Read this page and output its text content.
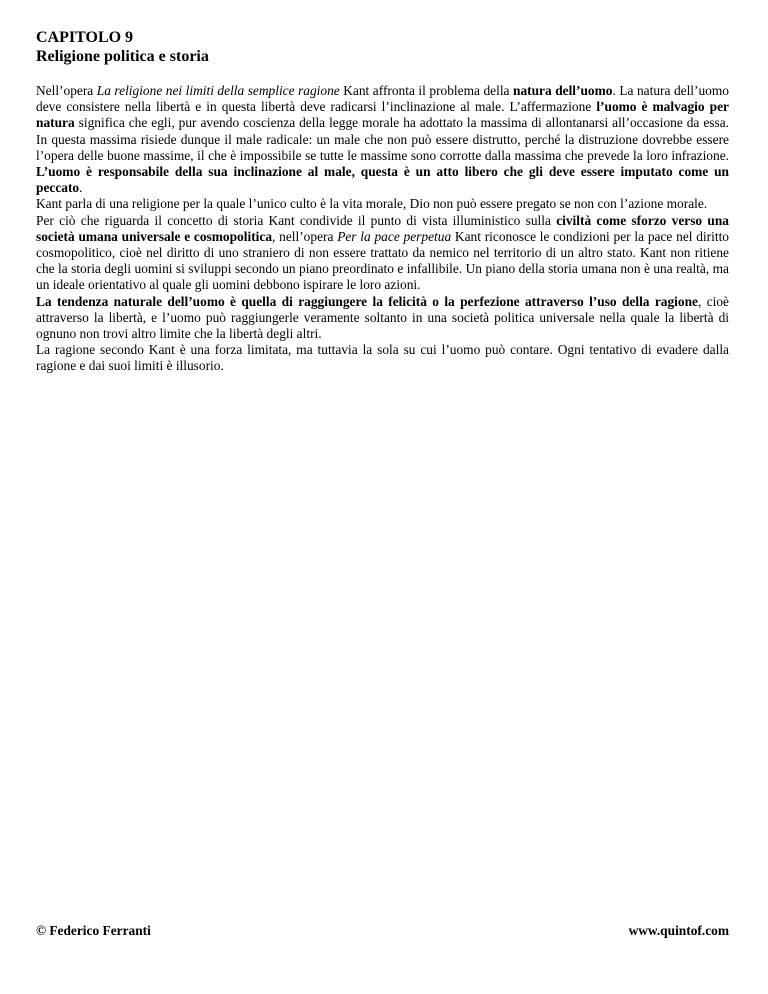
CAPITOLO 9
Religione politica e storia

Nell’opera La religione nei limiti della semplice ragione Kant affronta il problema della natura dell’uomo. La natura dell’uomo deve consistere nella libertà e in questa libertà deve radicarsi l’inclinazione al male. L’affermazione l’uomo è malvagio per natura significa che egli, pur avendo coscienza della legge morale ha adottato la massima di allontanarsi all’occasione da essa. In questa massima risiede dunque il male radicale: un male che non può essere distrutto, perché la distruzione dovrebbe essere l’opera delle buone massime, il che è impossibile se tutte le massime sono corrotte dalla massima che prevede la loro infrazione. L’uomo è responsabile della sua inclinazione al male, questa è un atto libero che gli deve essere imputato come un peccato.

Kant parla di una religione per la quale l’unico culto è la vita morale, Dio non può essere pregato se non con l’azione morale.

Per ciò che riguarda il concetto di storia Kant condivide il punto di vista illuministico sulla civiltà come sforzo verso una società umana universale e cosmopolitica, nell’opera Per la pace perpetua Kant riconosce le condizioni per la pace nel diritto cosmopolitico, cioè nel diritto di uno straniero di non essere trattato da nemico nel territorio di un altro stato. Kant non ritiene che la storia degli uomini si sviluppi secondo un piano preordinato e infallibile. Un piano della storia umana non è una realtà, ma un ideale orientativo al quale gli uomini debbono ispirare le loro azioni.

La tendenza naturale dell’uomo è quella di raggiungere la felicità o la perfezione attraverso l’uso della ragione, cioè attraverso la libertà, e l’uomo può raggiungerle veramente soltanto in una società politica universale nella quale la libertà di ognuno non trovi altro limite che la libertà degli altri.

La ragione secondo Kant è una forza limitata, ma tuttavia la sola su cui l’uomo può contare. Ogni tentativo di evadere dalla ragione e dai suoi limiti è illusorio.

© Federico Ferranti	www.quintof.com
